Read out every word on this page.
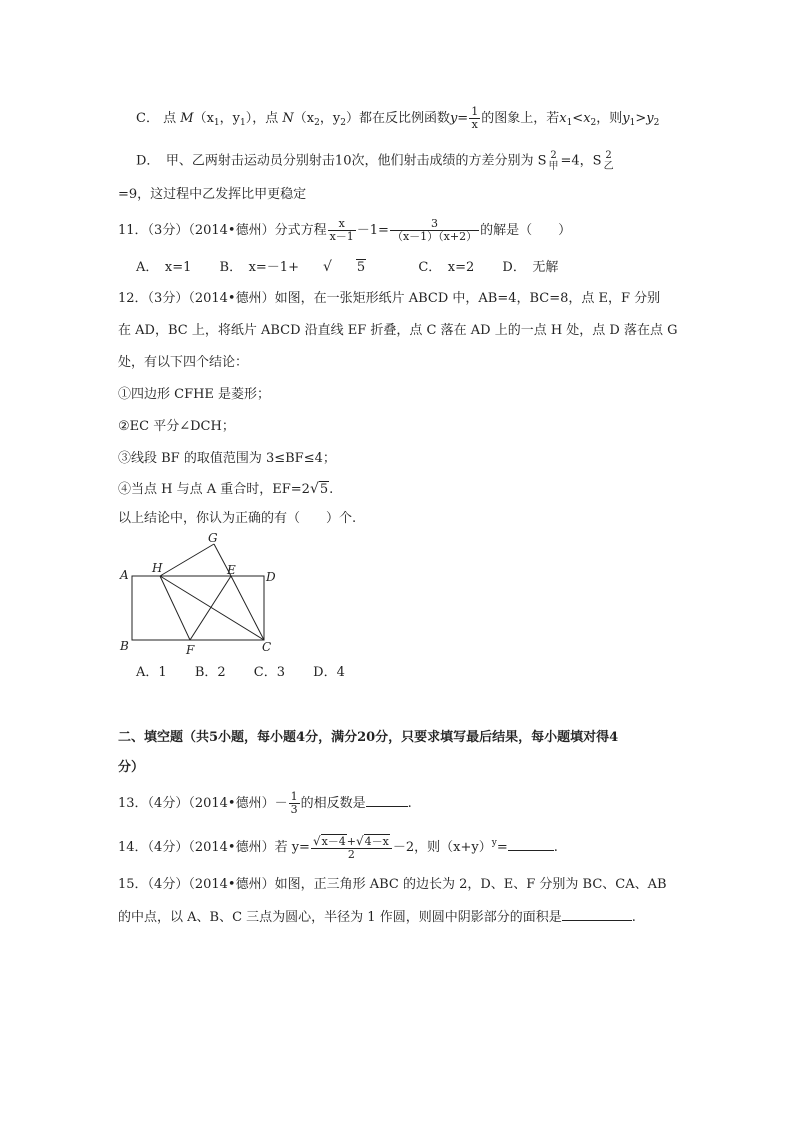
C． 点 $M(x_1$，$y_1$），点 $N(x_2$，$y_2$）都在反比例函数$y= \frac{1}{x}$ 的图象上，若$x_1<x_2$，则$y_1>y_2$
D．　甲、乙两射击运动员分别射击10次，他们射击成绩的方差分别为 S 2
甲 =4，S 2
乙
=9，这过程中乙发挥比甲更稳定
11．（3分）（2014•德州）分式方程 $\frac{x}{x-1} -1= \frac{3}{(x-1)(x+2)}$ 的解是（　　）
A．　x=1 B．　x=－1+ √ 5	C．　x=2 D．　无解
12．（3分）（2014•德州）如图，在一张矩形纸片 ABCD 中，AB=4，BC=8，点 E，F 分别
在 AD，BC 上，将纸片 ABCD 沿直线 EF 折叠，点 C 落在 AD 上的一点 H 处，点 D 落在点 G
处，有以下四个结论：
①四边形 CFHE 是菱形；
②EC 平分∠DCH；
③线段 BF 的取值范围为 3≤BF≤4；
④当点 H 与点 A 重合时，EF=2√5.
以上结论中，你认为正确的有（　　）个.
A
B	C
D
E
F
G
H
A．1 B．2 C．3 D．4
二、填空题（共5小题，每小题4分，满分20分，只要求填写最后结果，每小题填对得4
分）
13．（4分）（2014•德州）－ $\frac{1}{3}$ 的相反数是	.
14．（4分）（2014•德州）若 $y= \frac{√x-4+√4-x}{2} -2$，则$(x+y)^y=$	.
15．（4分）（2014•德州）如图，正三角形 ABC 的边长为 2，D、E、F 分别为 BC、CA、AB
的中点，以 A、B、C 三点为圆心，半径为 1 作圆，则圆中阴影部分的面积是	.
